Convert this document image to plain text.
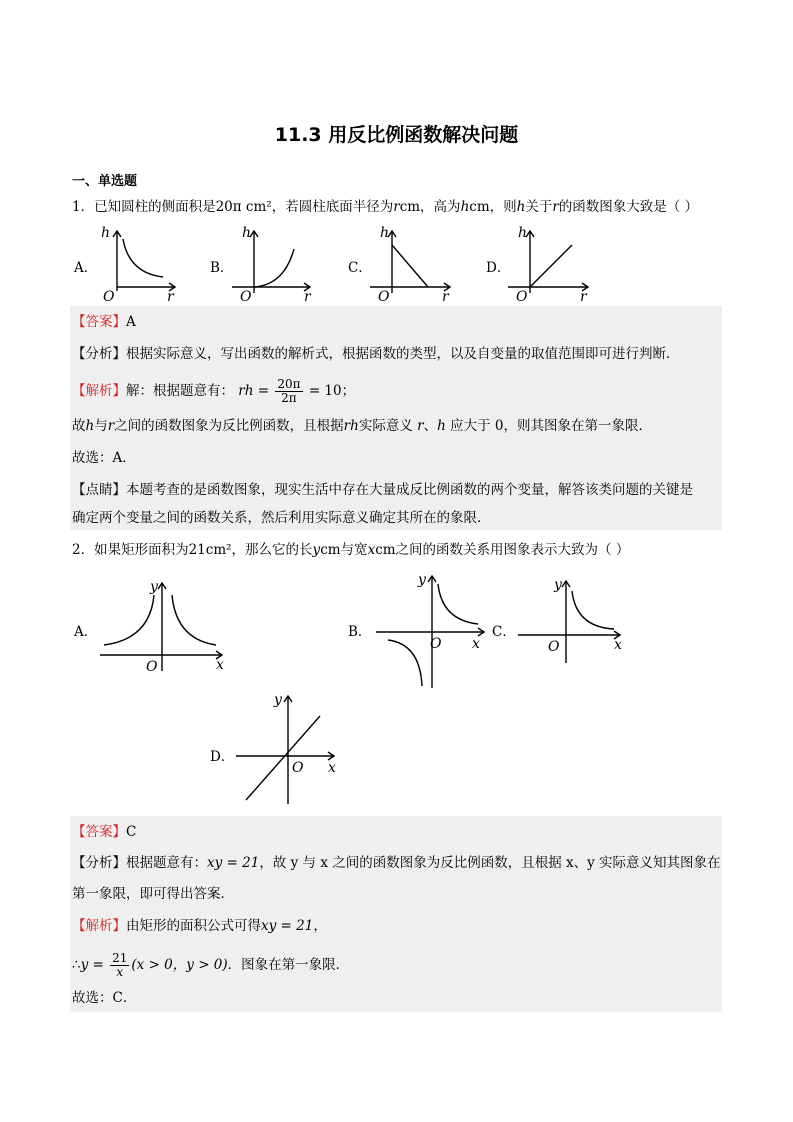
11.3 用反比例函数解决问题
一、单选题
1．已知圆柱的侧面积是20π cm²，若圆柱底面半径为rcm，高为hcm，则h关于r的函数图象大致是（ ）
A．
h
O	r
B．
h
O	r
C．
h
O	r
D．
h
O	r
【答案】A
【分析】根据实际意义，写出函数的解析式，根据函数的类型，以及自变量的取值范围即可进行判断．
【解析】解：根据题意有： rh = $\frac{20\pi}{2\pi} = 10$；
故h与r之间的函数图象为反比例函数，且根据rh实际意义 r、h 应大于 0，则其图象在第一象限．
故选：A．
【点睛】本题考查的是函数图象，现实生活中存在大量成反比例函数的两个变量，解答该类问题的关键是
确定两个变量之间的函数关系，然后利用实际意义确定其所在的象限．
2．如果矩形面积为21cm²，那么它的长ycm与宽xcm之间的函数关系用图象表示大致为（ ）
A．
y
O	x
B．
y
O x
C．
y
O	x
D．
y
O x
【答案】C
【分析】根据题意有：xy = 21，故 y 与 x 之间的函数图象为反比例函数，且根据 x、y 实际意义知其图象在
第一象限，即可得出答案．
【解析】由矩形的面积公式可得xy = 21，
∴y = $\frac{21}{x} (x > 0$，y > 0)．图象在第一象限．
故选：C．
